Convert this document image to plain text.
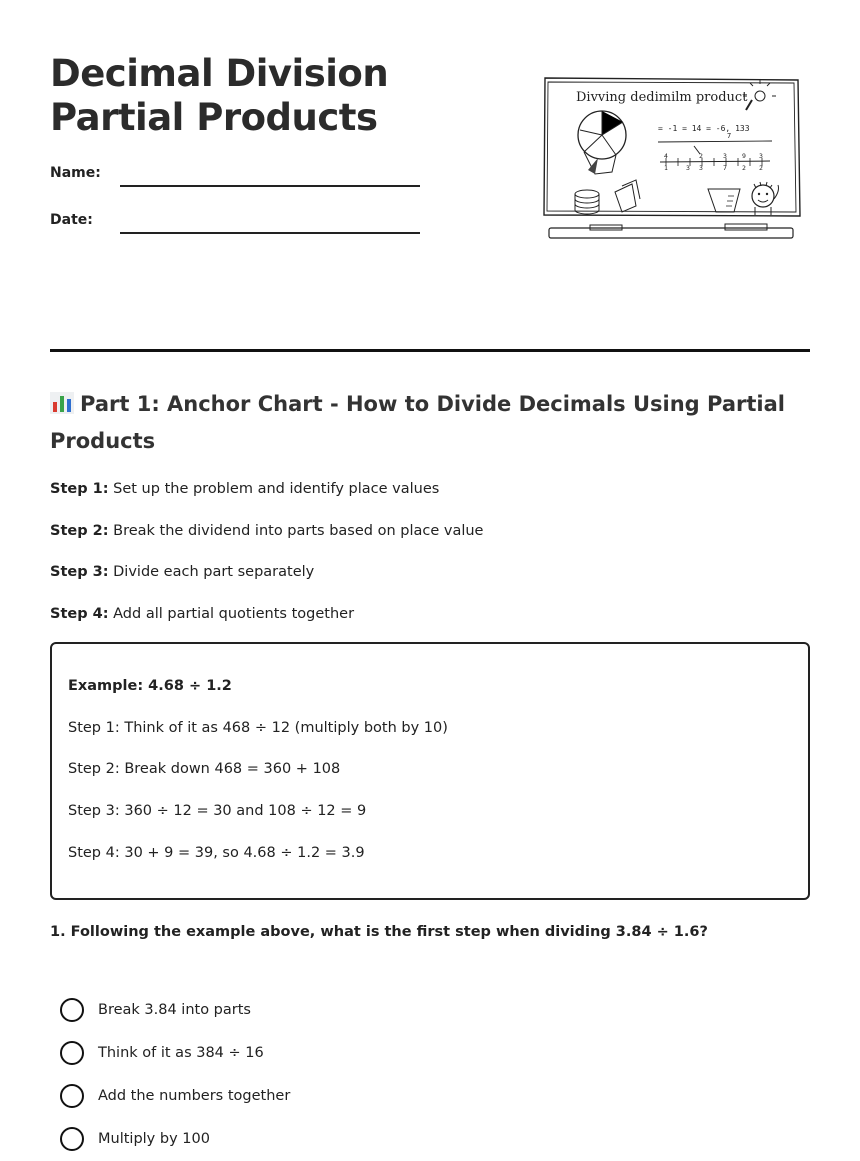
Decimal Division Partial Products
Name:
Date:
Divving dedimilm product
= -1 = 14 = -6, 133
7
4
1	3
2
3
3
7
9
2
3
2
Part 1: Anchor Chart - How to Divide Decimals Using Partial Products
Step 1: Set up the problem and identify place values
Step 2: Break the dividend into parts based on place value
Step 3: Divide each part separately
Step 4: Add all partial quotients together
Example: 4.68 ÷ 1.2
Step 1: Think of it as 468 ÷ 12 (multiply both by 10)
Step 2: Break down 468 = 360 + 108
Step 3: 360 ÷ 12 = 30 and 108 ÷ 12 = 9
Step 4: 30 + 9 = 39, so 4.68 ÷ 1.2 = 3.9
1. Following the example above, what is the first step when dividing 3.84 ÷ 1.6?
Break 3.84 into parts
Think of it as 384 ÷ 16
Add the numbers together
Multiply by 100
